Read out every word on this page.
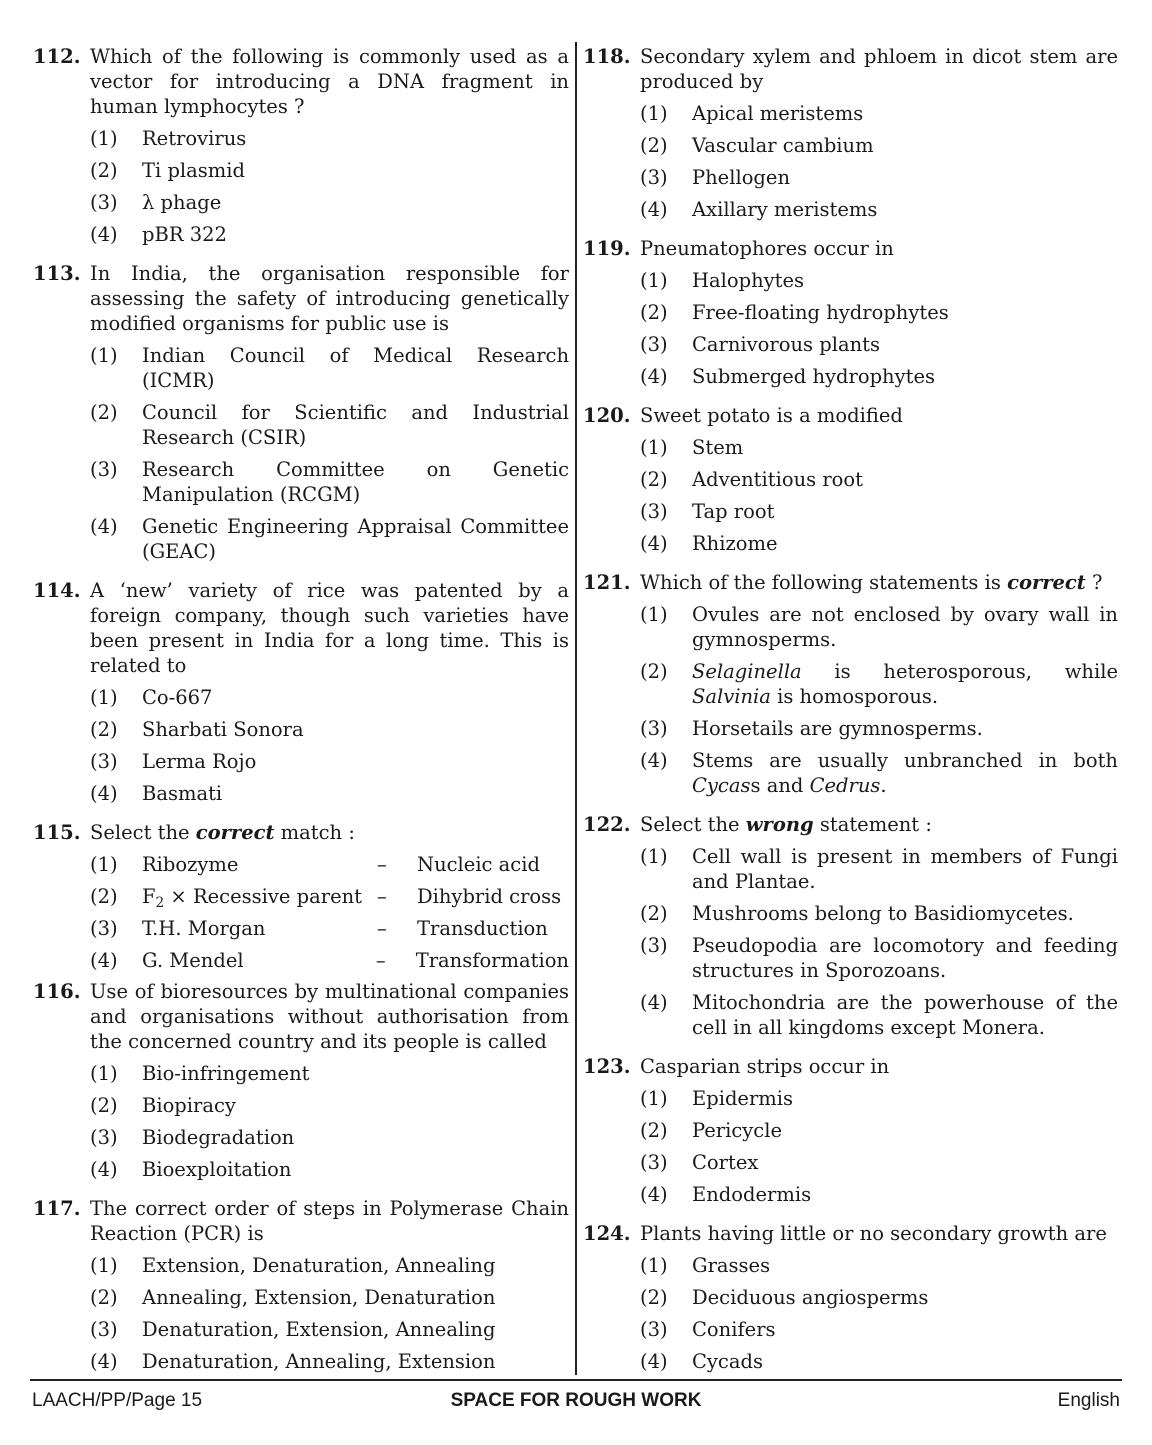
112. Which of the following is commonly used as a vector for introducing a DNA fragment in human lymphocytes ?
(1) Retrovirus
(2) Ti plasmid
(3) λ phage
(4) pBR 322
113. In India, the organisation responsible for assessing the safety of introducing genetically modified organisms for public use is
(1) Indian Council of Medical Research (ICMR)
(2) Council for Scientific and Industrial Research (CSIR)
(3) Research Committee on Genetic Manipulation (RCGM)
(4) Genetic Engineering Appraisal Committee (GEAC)
114. A ‘new’ variety of rice was patented by a foreign company, though such varieties have been present in India for a long time. This is related to
(1) Co-667
(2) Sharbati Sonora
(3) Lerma Rojo
(4) Basmati
115. Select the correct match :
(1) Ribozyme	–	Nucleic acid
(2) $F_2$ × Recessive parent –	Dihybrid cross
(3) T.H. Morgan	–	Transduction
(4) G. Mendel	–	Transformation
116. Use of bioresources by multinational companies and organisations without authorisation from the concerned country and its people is called
(1) Bio-infringement
(2) Biopiracy
(3) Biodegradation
(4) Bioexploitation
117. The correct order of steps in Polymerase Chain Reaction (PCR) is
(1) Extension, Denaturation, Annealing
(2) Annealing, Extension, Denaturation
(3) Denaturation, Extension, Annealing
(4) Denaturation, Annealing, Extension
118. Secondary xylem and phloem in dicot stem are produced by
(1) Apical meristems
(2) Vascular cambium
(3) Phellogen
(4) Axillary meristems
119. Pneumatophores occur in
(1) Halophytes
(2) Free-floating hydrophytes
(3) Carnivorous plants
(4) Submerged hydrophytes
120. Sweet potato is a modified
(1) Stem
(2) Adventitious root
(3) Tap root
(4) Rhizome
121. Which of the following statements is correct ?
(1) Ovules are not enclosed by ovary wall in gymnosperms.
(2) Selaginella is heterosporous, while Salvinia is homosporous.
(3) Horsetails are gymnosperms.
(4) Stems are usually unbranched in both Cycass and Cedrus.
122. Select the wrong statement :
(1) Cell wall is present in members of Fungi and Plantae.
(2) Mushrooms belong to Basidiomycetes.
(3) Pseudopodia are locomotory and feeding structures in Sporozoans.
(4) Mitochondria are the powerhouse of the cell in all kingdoms except Monera.
123. Casparian strips occur in
(1) Epidermis
(2) Pericycle
(3) Cortex
(4) Endodermis
124. Plants having little or no secondary growth are
(1) Grasses
(2) Deciduous angiosperms
(3) Conifers
(4) Cycads
LAACH/PP/Page 15	SPACE FOR ROUGH WORK	English
